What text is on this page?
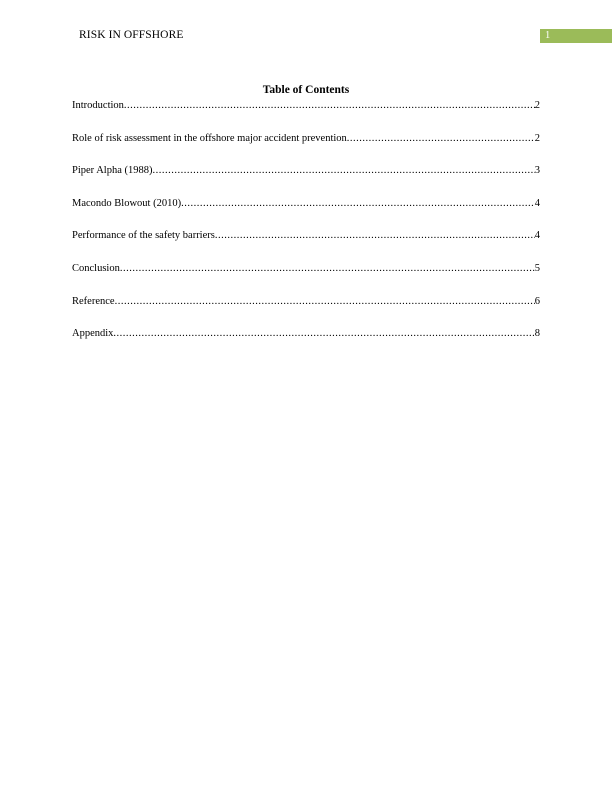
RISK IN OFFSHORE	1
Table of Contents
Introduction .....	2
Role of risk assessment in the offshore major accident prevention .....	2
Piper Alpha (1988) .....	3
Macondo Blowout (2010) .....	4
Performance of the safety barriers .....	4
Conclusion .....	5
Reference .....	6
Appendix .....	8
